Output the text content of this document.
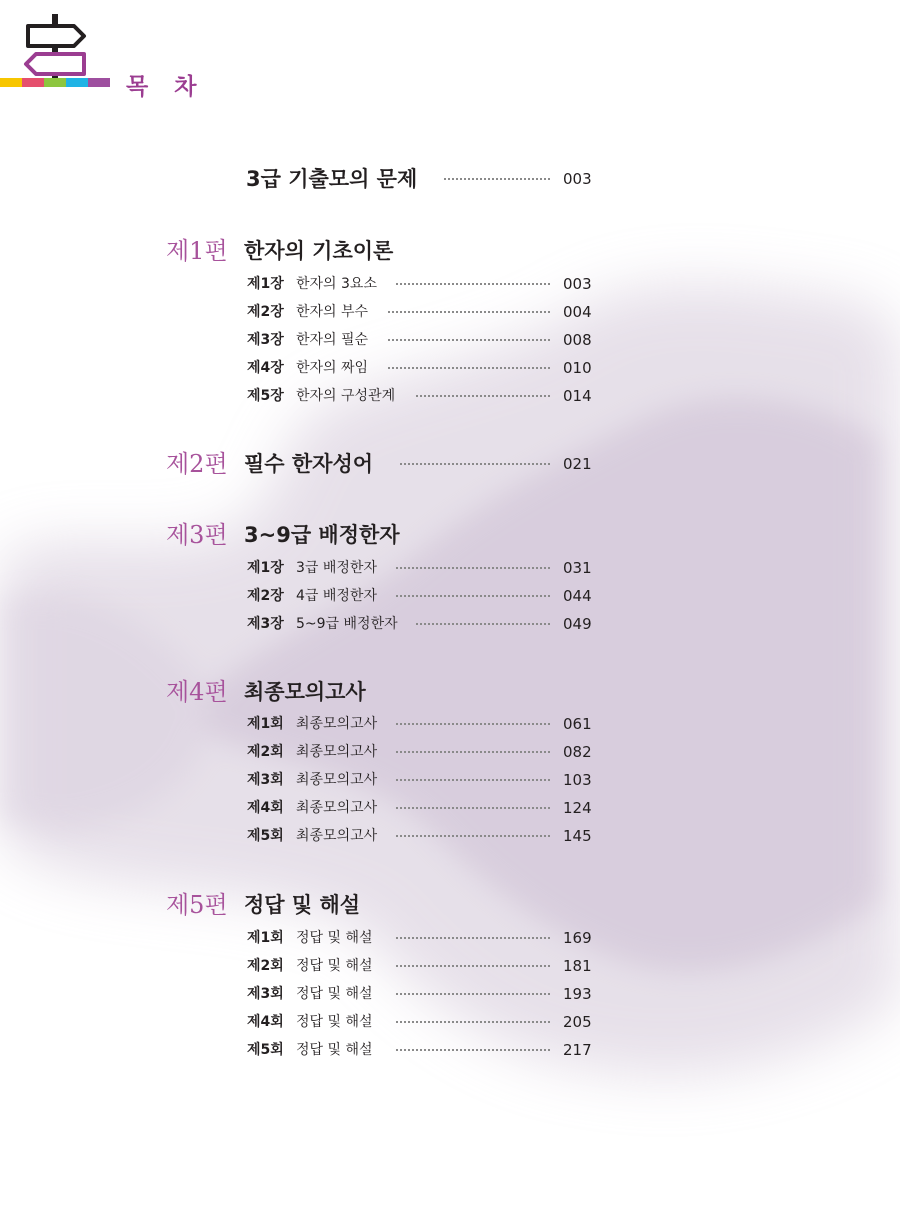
목 차
3급 기출모의 문제	003
제1편 한자의 기초이론
제1장 한자의 3요소	003
제2장 한자의 부수	004
제3장 한자의 필순	008
제4장 한자의 짜임	010
제5장 한자의 구성관계	014
제2편 필수 한자성어	021
제3편 3~9급 배정한자
제1장 3급 배정한자	031
제2장 4급 배정한자	044
제3장 5~9급 배정한자	049
제4편 최종모의고사
제1회 최종모의고사	061
제2회 최종모의고사	082
제3회 최종모의고사	103
제4회 최종모의고사	124
제5회 최종모의고사	145
제5편 정답 및 해설
제1회 정답 및 해설	169
제2회 정답 및 해설	181
제3회 정답 및 해설	193
제4회 정답 및 해설	205
제5회 정답 및 해설	217
